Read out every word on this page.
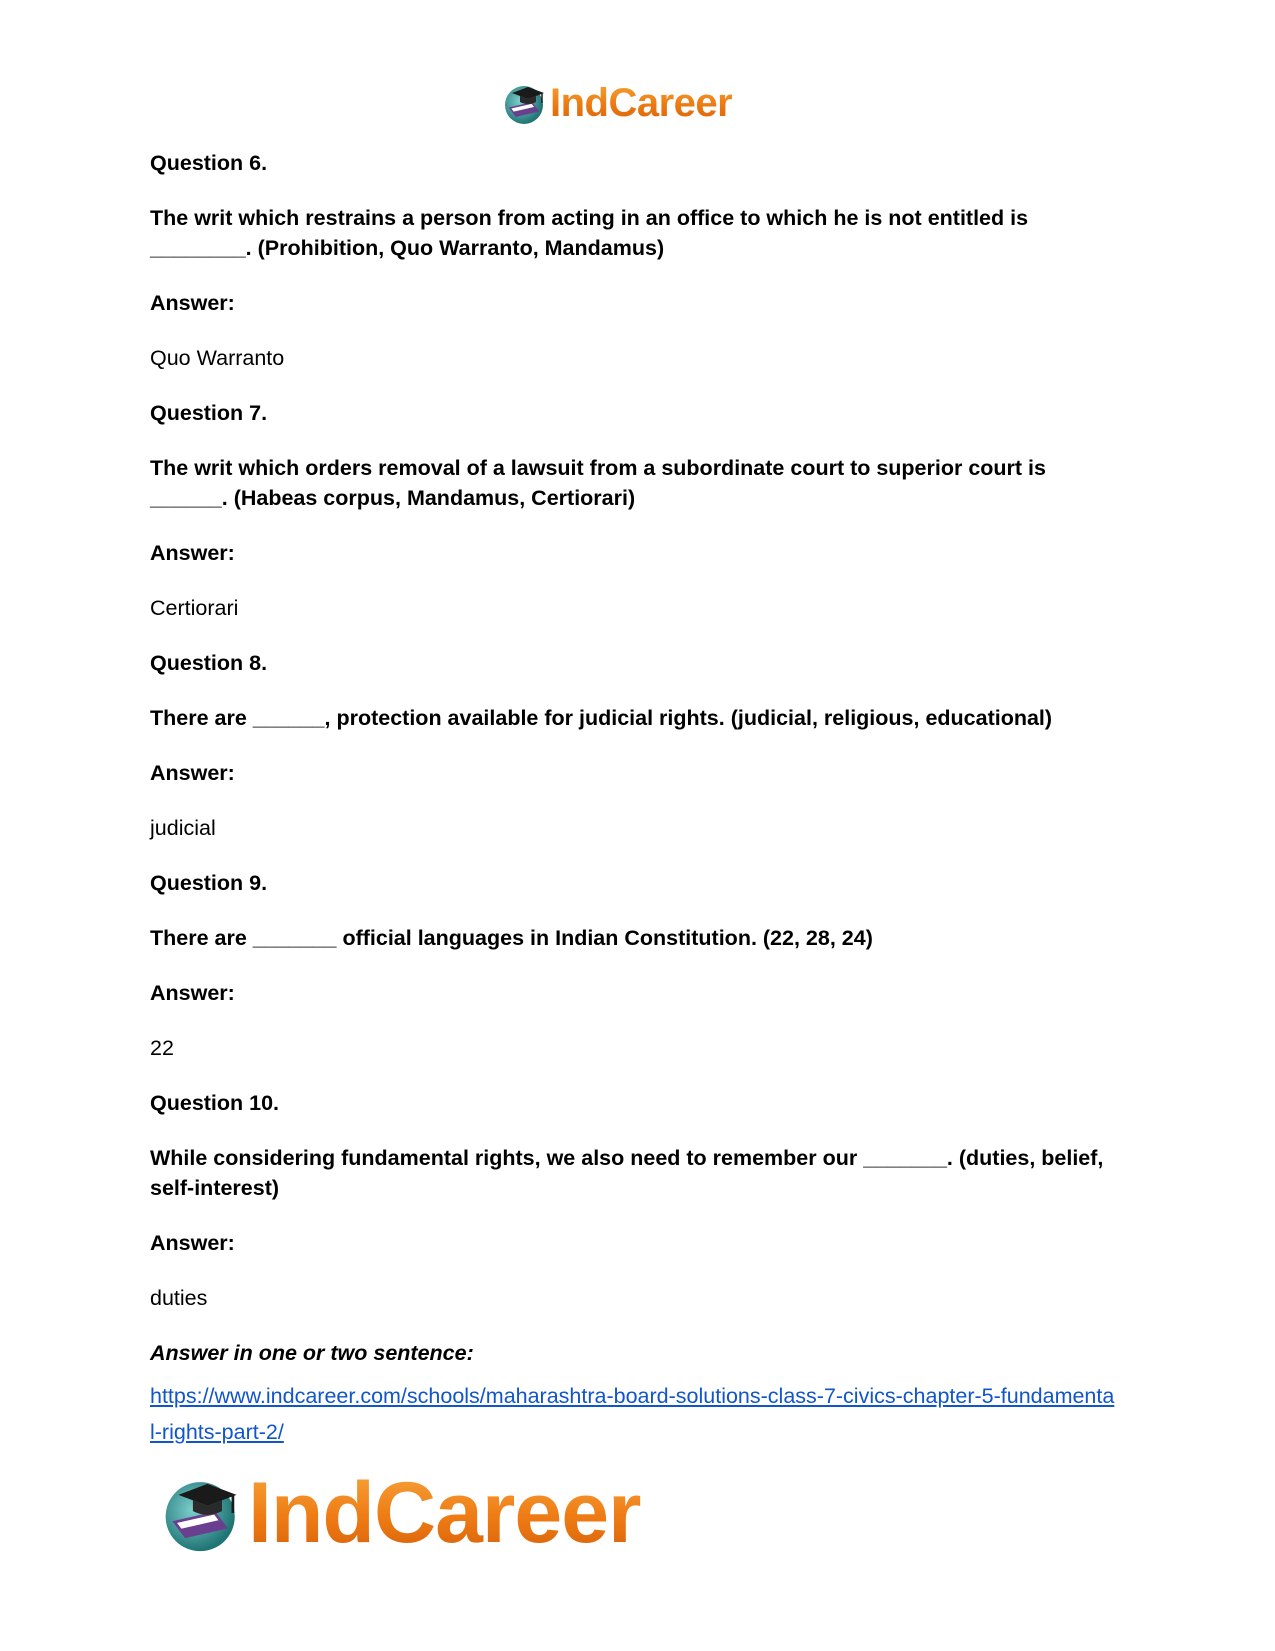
IndCareer
Question 6.
The writ which restrains a person from acting in an office to which he is not entitled is ________. (Prohibition, Quo Warranto, Mandamus)
Answer:
Quo Warranto
Question 7.
The writ which orders removal of a lawsuit from a subordinate court to superior court is ______. (Habeas corpus, Mandamus, Certiorari)
Answer:
Certiorari
Question 8.
There are ______, protection available for judicial rights. (judicial, religious, educational)
Answer:
judicial
Question 9.
There are _______ official languages in Indian Constitution. (22, 28, 24)
Answer:
22
Question 10.
While considering fundamental rights, we also need to remember our _______. (duties, belief, self-interest)
Answer:
duties
Answer in one or two sentence:
https://www.indcareer.com/schools/maharashtra-board-solutions-class-7-civics-chapter-5-fundamental-rights-part-2/
IndCareer
